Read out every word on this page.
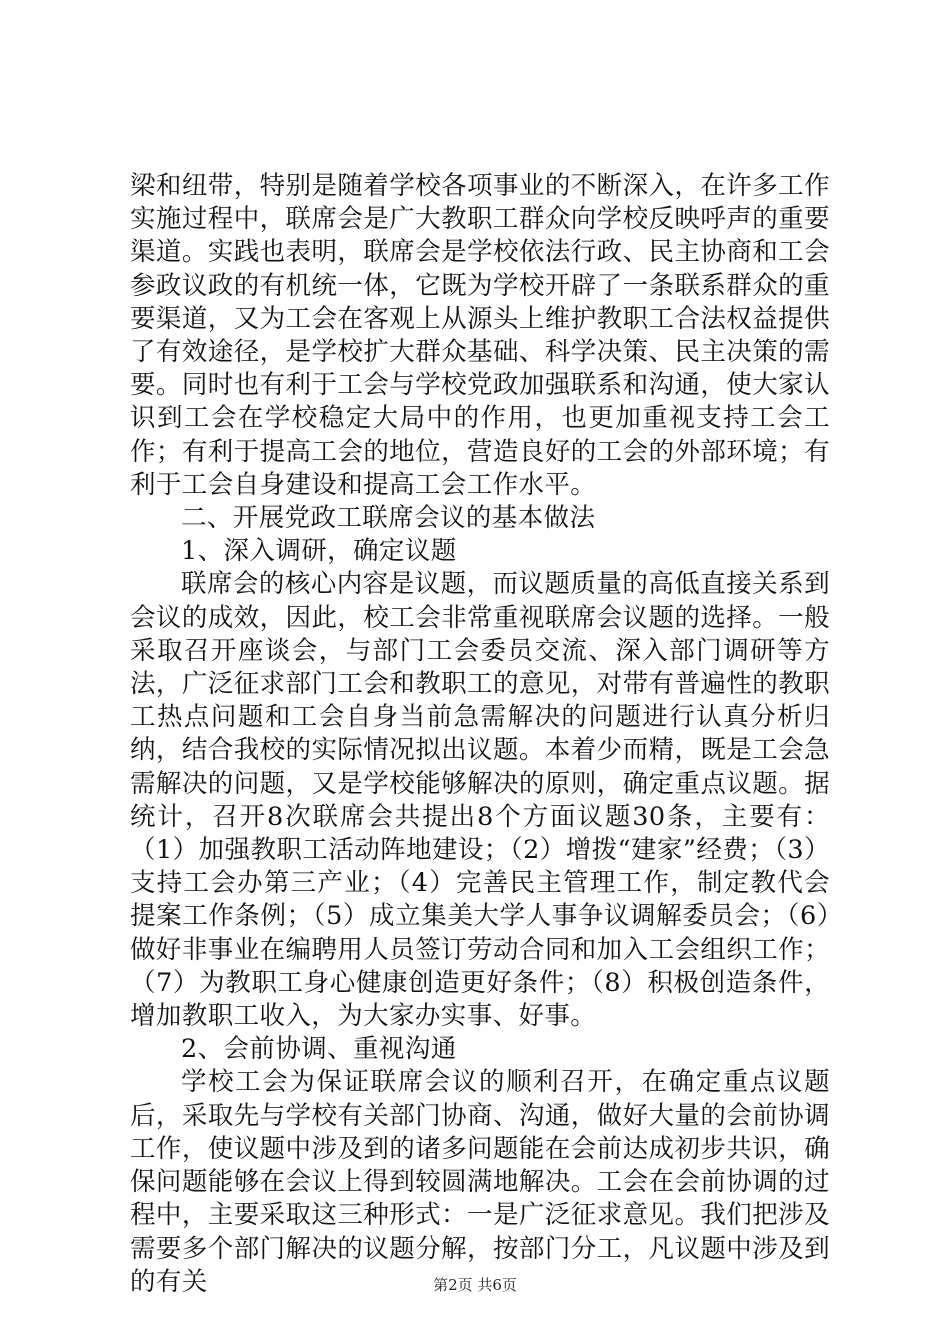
梁和纽带，特别是随着学校各项事业的不断深入，在许多工作实施过程中，联席会是广大教职工群众向学校反映呼声的重要渠道。实践也表明，联席会是学校依法行政、民主协商和工会参政议政的有机统一体，它既为学校开辟了一条联系群众的重要渠道，又为工会在客观上从源头上维护教职工合法权益提供了有效途径，是学校扩大群众基础、科学决策、民主决策的需要。同时也有利于工会与学校党政加强联系和沟通，使大家认识到工会在学校稳定大局中的作用，也更加重视支持工会工作；有利于提高工会的地位，营造良好的工会的外部环境；有利于工会自身建设和提高工会工作水平。

二、开展党政工联席会议的基本做法

1、深入调研，确定议题

联席会的核心内容是议题，而议题质量的高低直接关系到会议的成效，因此，校工会非常重视联席会议题的选择。一般采取召开座谈会，与部门工会委员交流、深入部门调研等方法，广泛征求部门工会和教职工的意见，对带有普遍性的教职工热点问题和工会自身当前急需解决的问题进行认真分析归纳，结合我校的实际情况拟出议题。本着少而精，既是工会急需解决的问题，又是学校能够解决的原则，确定重点议题。据统计，召开8次联席会共提出8个方面议题30条，主要有：（1）加强教职工活动阵地建设；（2）增拨“建家”经费；（3）支持工会办第三产业；（4）完善民主管理工作，制定教代会提案工作条例；（5）成立集美大学人事争议调解委员会；（6）做好非事业在编聘用人员签订劳动合同和加入工会组织工作；（7）为教职工身心健康创造更好条件；（8）积极创造条件，增加教职工收入，为大家办实事、好事。

2、会前协调、重视沟通

学校工会为保证联席会议的顺利召开，在确定重点议题后，采取先与学校有关部门协商、沟通，做好大量的会前协调工作，使议题中涉及到的诸多问题能在会前达成初步共识，确保问题能够在会议上得到较圆满地解决。工会在会前协调的过程中，主要采取这三种形式：一是广泛征求意见。我们把涉及需要多个部门解决的议题分解，按部门分工，凡议题中涉及到的有关	第2页 共6页
